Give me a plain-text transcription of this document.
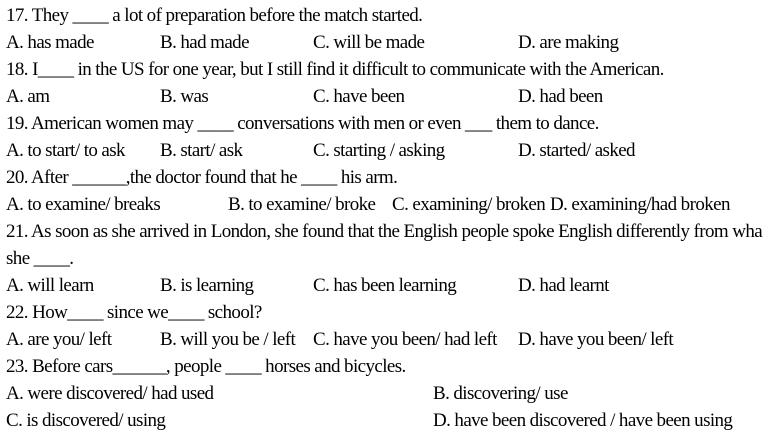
17. They ____ a lot of preparation before the match started.
A. has made	B. had made	C. will be made	D. are making
18. I____ in the US for one year, but I still find it difficult to communicate with the American.
A. am	B. was	C. have been	D. had been
19. American women may ____ conversations with men or even ___ them to dance.
A. to start/ to ask B. start/ ask	C. starting / asking	D. started/ asked
20. After ______,the doctor found that he ____ his arm.
A. to examine/ breaks	B. to examine/ broke C. examining/ broken D. examining/had broken
21. As soon as she arrived in London, she found that the English people spoke English differently from wha
she ____.
A. will learn	B. is learning	C. has been learning	D. had learnt
22. How____ since we____ school?
A. are you/ left	B. will you be / left C. have you been/ had left D. have you been/ left
23. Before cars______, people ____ horses and bicycles.
A. were discovered/ had used	B. discovering/ use
C. is discovered/ using	D. have been discovered / have been using
